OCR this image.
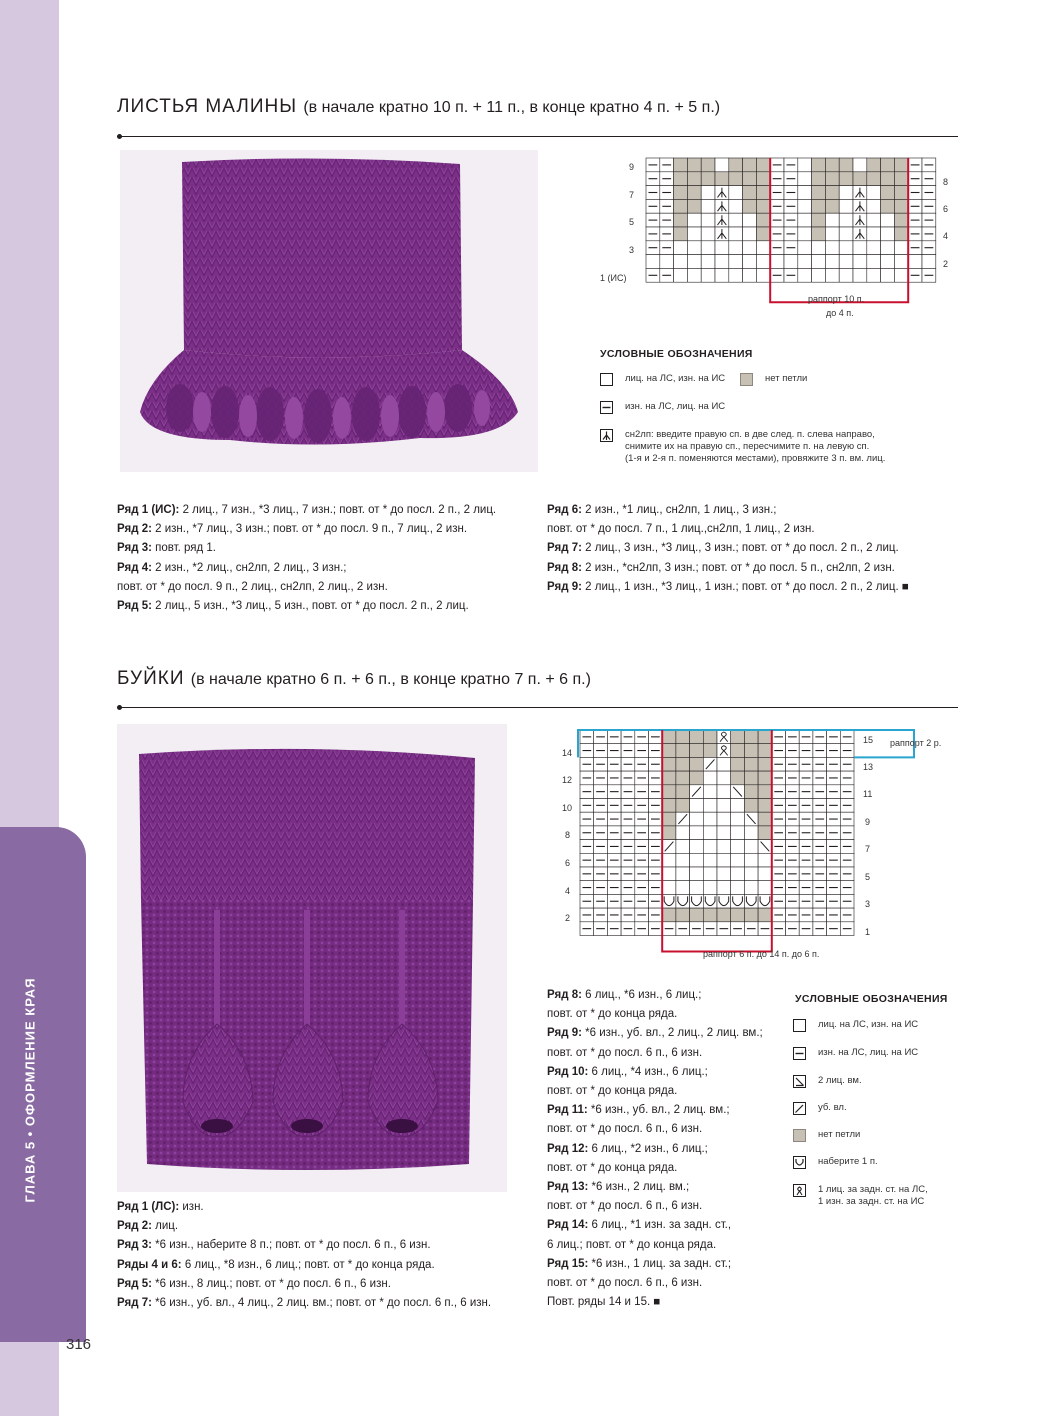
ГЛАВА 5 • ОФОРМЛЕНИЕ КРАЯ
316
ЛИСТЬЯ МАЛИНЫ (в начале кратно 10 п. + 11 п., в конце кратно 4 п. + 5 п.)
9
7
5
3
1 (ИС)
8
6
4
2
раппорт 10 п.
до 4 п.
УСЛОВНЫЕ ОБОЗНАЧЕНИЯ
лиц. на ЛС, изн. на ИС	нет петли
изн. на ЛС, лиц. на ИС
сн2лп: введите правую сп. в две след. п. слева направо,
снимите их на правую сп., пересчимите п. на левую сп.
(1-я и 2-я п. поменяются местами), провяжите 3 п. вм. лиц.
Ряд 1 (ИС): 2 лиц., 7 изн., *3 лиц., 7 изн.; повт. от * до посл. 2 п., 2 лиц.
Ряд 2: 2 изн., *7 лиц., 3 изн.; повт. от * до посл. 9 п., 7 лиц., 2 изн.
Ряд 3: повт. ряд 1.
Ряд 4: 2 изн., *2 лиц., сн2лп, 2 лиц., 3 изн.;
повт. от * до посл. 9 п., 2 лиц., сн2лп, 2 лиц., 2 изн.
Ряд 5: 2 лиц., 5 изн., *3 лиц., 5 изн., повт. от * до посл. 2 п., 2 лиц.
Ряд 6: 2 изн., *1 лиц., сн2лп, 1 лиц., 3 изн.;
повт. от * до посл. 7 п., 1 лиц.,сн2лп, 1 лиц., 2 изн.
Ряд 7: 2 лиц., 3 изн., *3 лиц., 3 изн.; повт. от * до посл. 2 п., 2 лиц.
Ряд 8: 2 изн., *сн2лп, 3 изн.; повт. от * до посл. 5 п., сн2лп, 2 изн.
Ряд 9: 2 лиц., 1 изн., *3 лиц., 1 изн.; повт. от * до посл. 2 п., 2 лиц. ■
БУЙКИ (в начале кратно 6 п. + 6 п., в конце кратно 7 п. + 6 п.)
14
12
10
8
6
4
2
15
13
11
9
7
5
3
1
раппорт 2 р.
раппорт 6 п. до 14 п. до 6 п.
УСЛОВНЫЕ ОБОЗНАЧЕНИЯ
лиц. на ЛС, изн. на ИС
изн. на ЛС, лиц. на ИС
2 лиц. вм.
уб. вл.
нет петли
наберите 1 п.
1 лиц. за задн. ст. на ЛС,
1 изн. за задн. ст. на ИС
Ряд 1 (ЛС): изн.
Ряд 2: лиц.
Ряд 3: *6 изн., наберите 8 п.; повт. от * до посл. 6 п., 6 изн.
Ряды 4 и 6: 6 лиц., *8 изн., 6 лиц.; повт. от * до конца ряда.
Ряд 5: *6 изн., 8 лиц.; повт. от * до посл. 6 п., 6 изн.
Ряд 7: *6 изн., уб. вл., 4 лиц., 2 лиц. вм.; повт. от * до посл. 6 п., 6 изн.
Ряд 8: 6 лиц., *6 изн., 6 лиц.;
повт. от * до конца ряда.
Ряд 9: *6 изн., уб. вл., 2 лиц., 2 лиц. вм.;
повт. от * до посл. 6 п., 6 изн.
Ряд 10: 6 лиц., *4 изн., 6 лиц.;
повт. от * до конца ряда.
Ряд 11: *6 изн., уб. вл., 2 лиц. вм.;
повт. от * до посл. 6 п., 6 изн.
Ряд 12: 6 лиц., *2 изн., 6 лиц.;
повт. от * до конца ряда.
Ряд 13: *6 изн., 2 лиц. вм.;
повт. от * до посл. 6 п., 6 изн.
Ряд 14: 6 лиц., *1 изн. за задн. ст.,
6 лиц.; повт. от * до конца ряда.
Ряд 15: *6 изн., 1 лиц. за задн. ст.;
повт. от * до посл. 6 п., 6 изн.
Повт. ряды 14 и 15. ■
